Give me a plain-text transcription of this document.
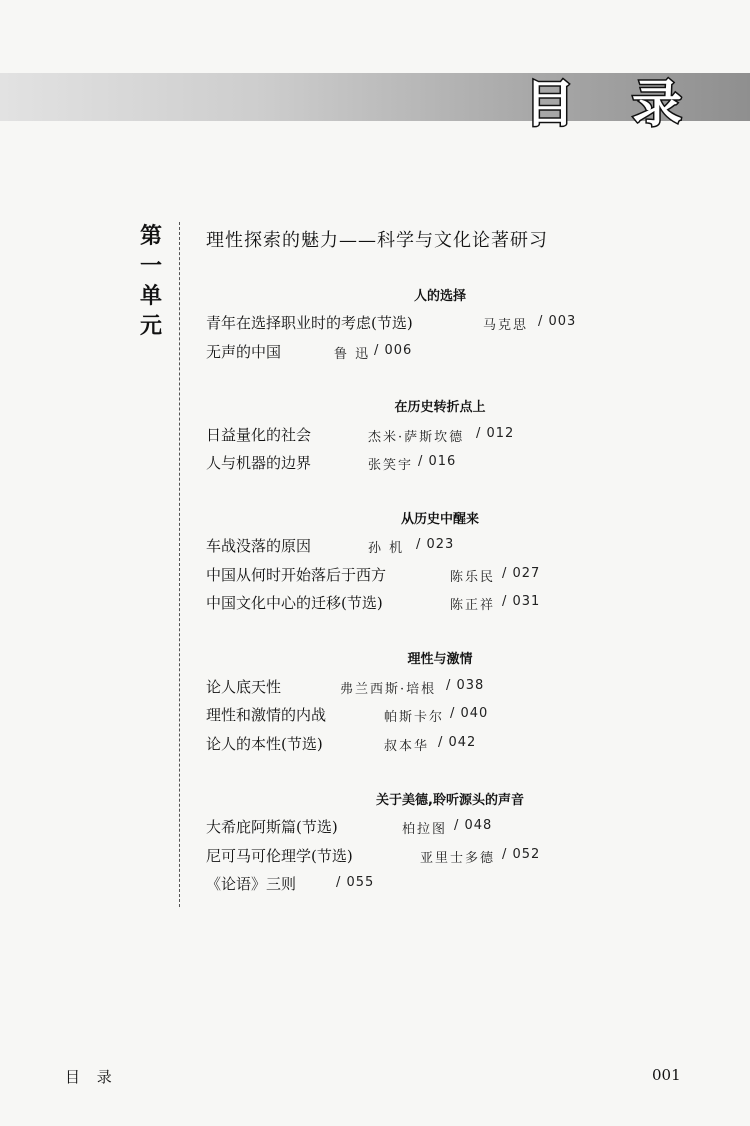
目 录
第
一
单
元
理性探索的魅力——科学与文化论著研习
人的选择
青年在选择职业时的考虑(节选)	马克思 / 003
无声的中国	鲁 迅 / 006
在历史转折点上
日益量化的社会	杰米·萨斯坎德 / 012
人与机器的边界	张笑宇 / 016
从历史中醒来
车战没落的原因	孙 机 / 023
中国从何时开始落后于西方	陈乐民 / 027
中国文化中心的迁移(节选)	陈正祥 / 031
理性与激情
论人底天性	弗兰西斯·培根 / 038
理性和激情的内战	帕斯卡尔 / 040
论人的本性(节选)	叔本华 / 042
关于美德,聆听源头的声音
大希庇阿斯篇(节选)	柏拉图 / 048
尼可马可伦理学(节选)	亚里士多德 / 052
《论语》三则	/ 055
目 录	001
